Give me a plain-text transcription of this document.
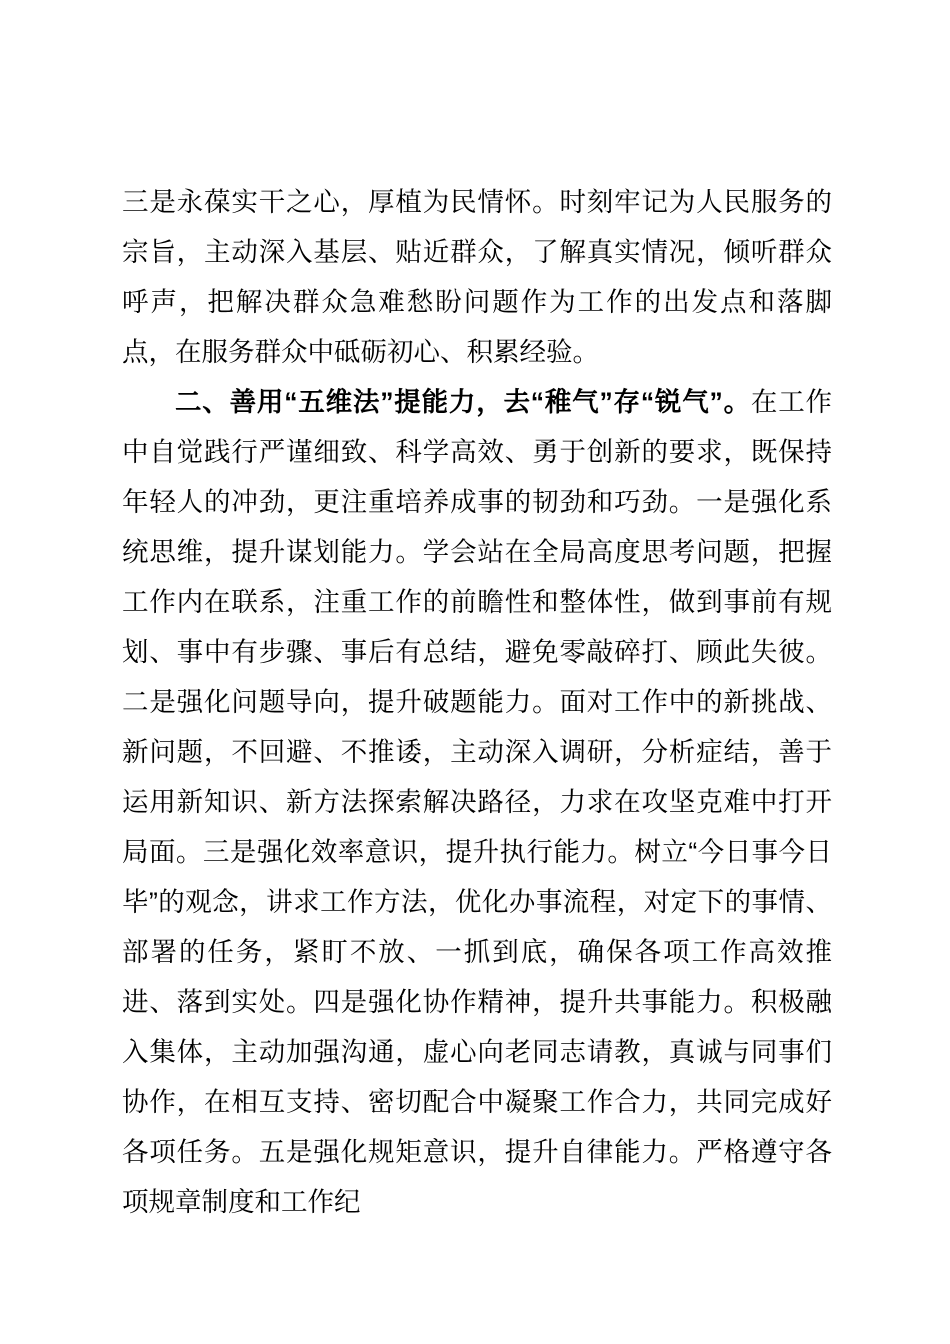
三是永葆实干之心，厚植为民情怀。时刻牢记为人民服务的宗旨，主动深入基层、贴近群众，了解真实情况，倾听群众呼声，把解决群众急难愁盼问题作为工作的出发点和落脚点，在服务群众中砥砺初心、积累经验。

二、善用“五维法”提能力，去“稚气”存“锐气”。在工作中自觉践行严谨细致、科学高效、勇于创新的要求，既保持年轻人的冲劲，更注重培养成事的韧劲和巧劲。一是强化系统思维，提升谋划能力。学会站在全局高度思考问题，把握工作内在联系，注重工作的前瞻性和整体性，做到事前有规划、事中有步骤、事后有总结，避免零敲碎打、顾此失彼。二是强化问题导向，提升破题能力。面对工作中的新挑战、新问题，不回避、不推诿，主动深入调研，分析症结，善于运用新知识、新方法探索解决路径，力求在攻坚克难中打开局面。三是强化效率意识，提升执行能力。树立“今日事今日毕”的观念，讲求工作方法，优化办事流程，对定下的事情、部署的任务，紧盯不放、一抓到底，确保各项工作高效推进、落到实处。四是强化协作精神，提升共事能力。积极融入集体，主动加强沟通，虚心向老同志请教，真诚与同事们协作，在相互支持、密切配合中凝聚工作合力，共同完成好各项任务。五是强化规矩意识，提升自律能力。严格遵守各项规章制度和工作纪
